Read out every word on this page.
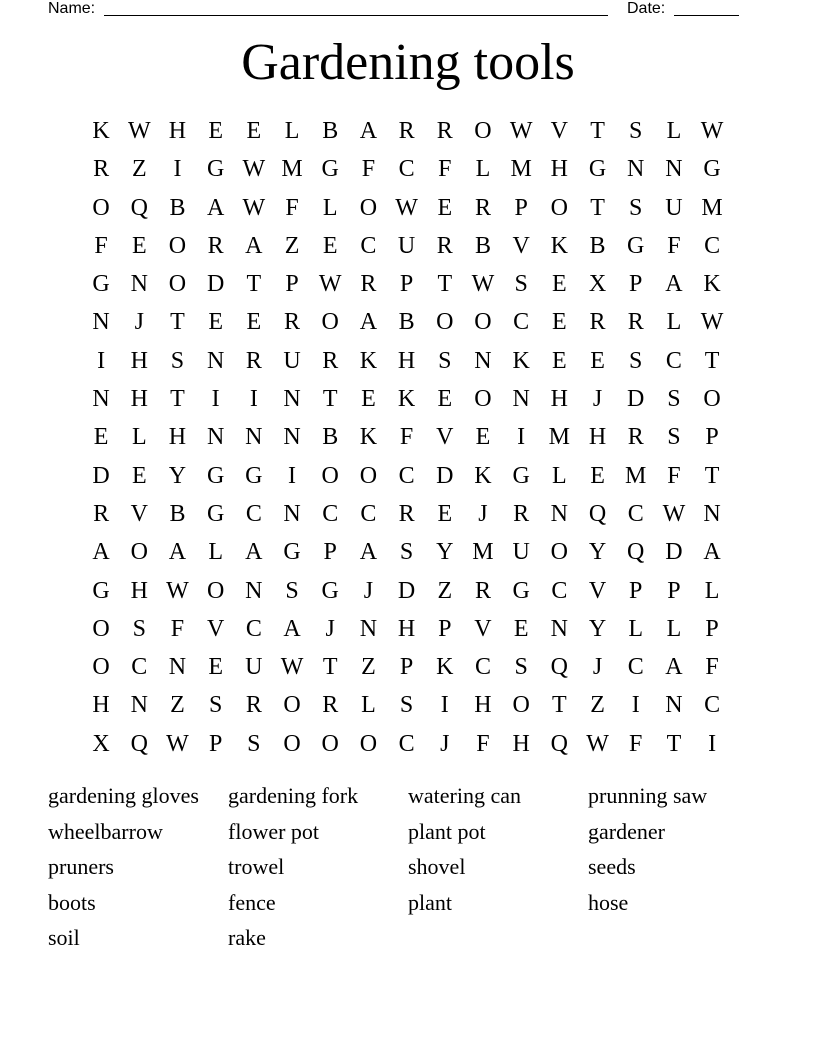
Name:	Date:
Gardening tools
K W H E E L B A R R O W V T	S	L W
R Z	I	G W M G F C F	L M H G N N G
O Q B A W F	L O W E R P O T	S U M
F	E O R A Z E C U R B V K B G F C
G N O D T	P W R P	T W S	E X P A K
N	J	T E E R O A B O O C E R R L W
I	H S N R U R K H S N K E E	S C T
N H T	I	I	N T E K E O N H	J	D S O
E L H N N N B K F V E	I M H R S	P
D E Y G G	I	O O C D K G L E M F	T
R V B G C N C C R E	J	R N Q C W N
A O A L A G P A S Y M U O Y Q D A
G H W O N S G	J	D Z R G C V P	P	L
O S	F V C A	J	N H P V E N Y L L	P
O C N E U W T Z	P K C S Q	J	C A F
H N Z	S R O R L	S	I	H O T Z	I	N C
X Q W P	S O O O C	J	F H Q W F	T	I
gardening gloves	gardening fork	watering can	prunning saw
wheelbarrow	flower pot	plant pot	gardener
pruners	trowel	shovel	seeds
boots	fence	plant	hose
soil	rake
